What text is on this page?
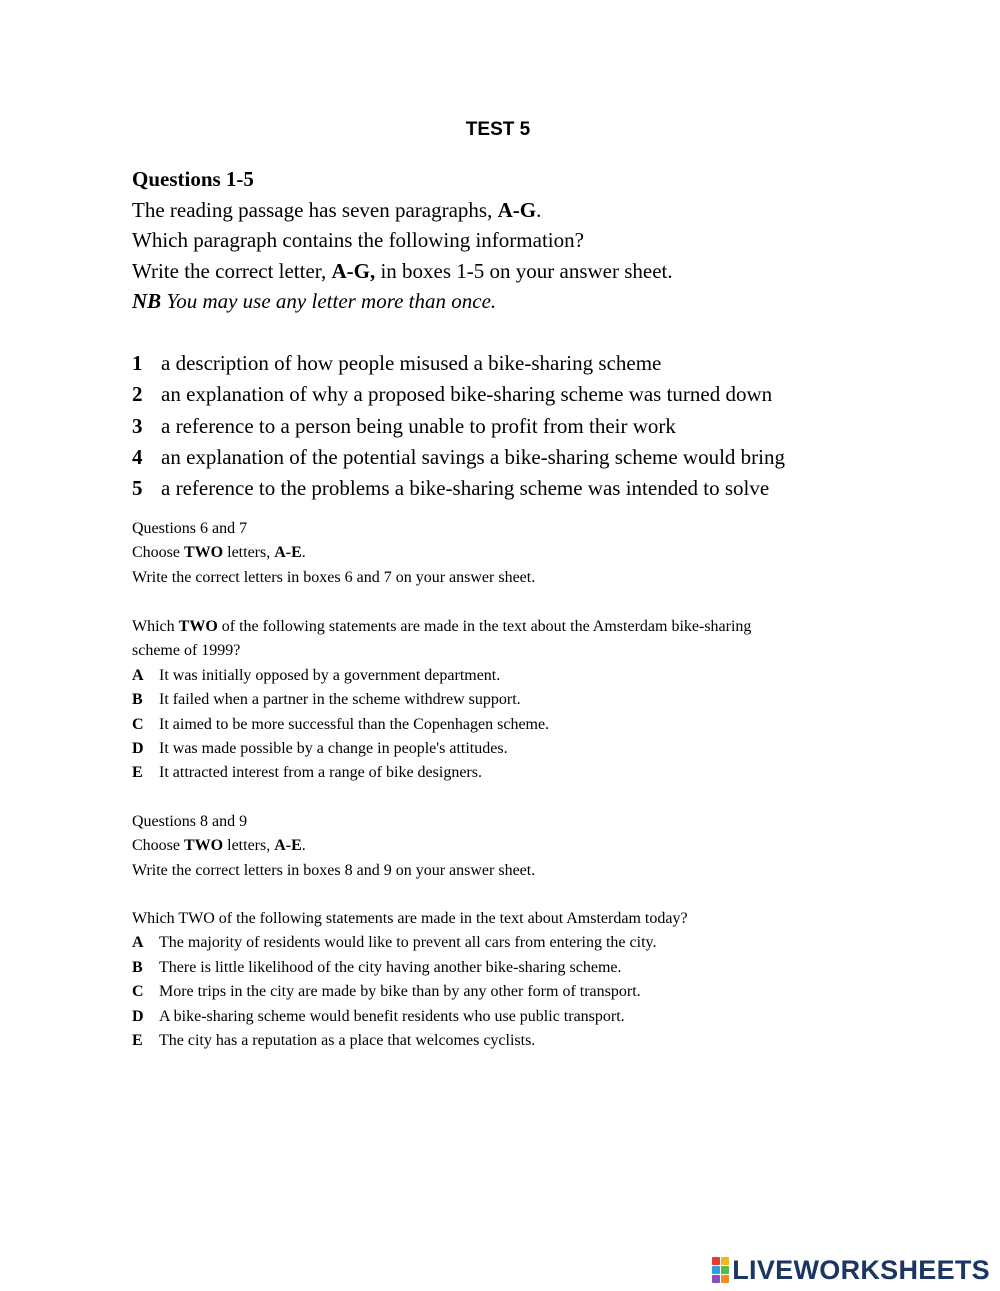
TEST 5
Questions 1-5
The reading passage has seven paragraphs, A-G.
Which paragraph contains the following information?
Write the correct letter, A-G, in boxes 1-5 on your answer sheet.
NB You may use any letter more than once.
1 a description of how people misused a bike-sharing scheme
2 an explanation of why a proposed bike-sharing scheme was turned down
3 a reference to a person being unable to profit from their work
4 an explanation of the potential savings a bike-sharing scheme would bring
5 a reference to the problems a bike-sharing scheme was intended to solve
Questions 6 and 7
Choose TWO letters, A-E.
Write the correct letters in boxes 6 and 7 on your answer sheet.
Which TWO of the following statements are made in the text about the Amsterdam bike-sharing
scheme of 1999?
A It was initially opposed by a government department.
B It failed when a partner in the scheme withdrew support.
C It aimed to be more successful than the Copenhagen scheme.
D It was made possible by a change in people's attitudes.
E It attracted interest from a range of bike designers.
Questions 8 and 9
Choose TWO letters, A-E.
Write the correct letters in boxes 8 and 9 on your answer sheet.
Which TWO of the following statements are made in the text about Amsterdam today?
A The majority of residents would like to prevent all cars from entering the city.
B There is little likelihood of the city having another bike-sharing scheme.
C More trips in the city are made by bike than by any other form of transport.
D A bike-sharing scheme would benefit residents who use public transport.
E The city has a reputation as a place that welcomes cyclists.
LIVEWORKSHEETS
